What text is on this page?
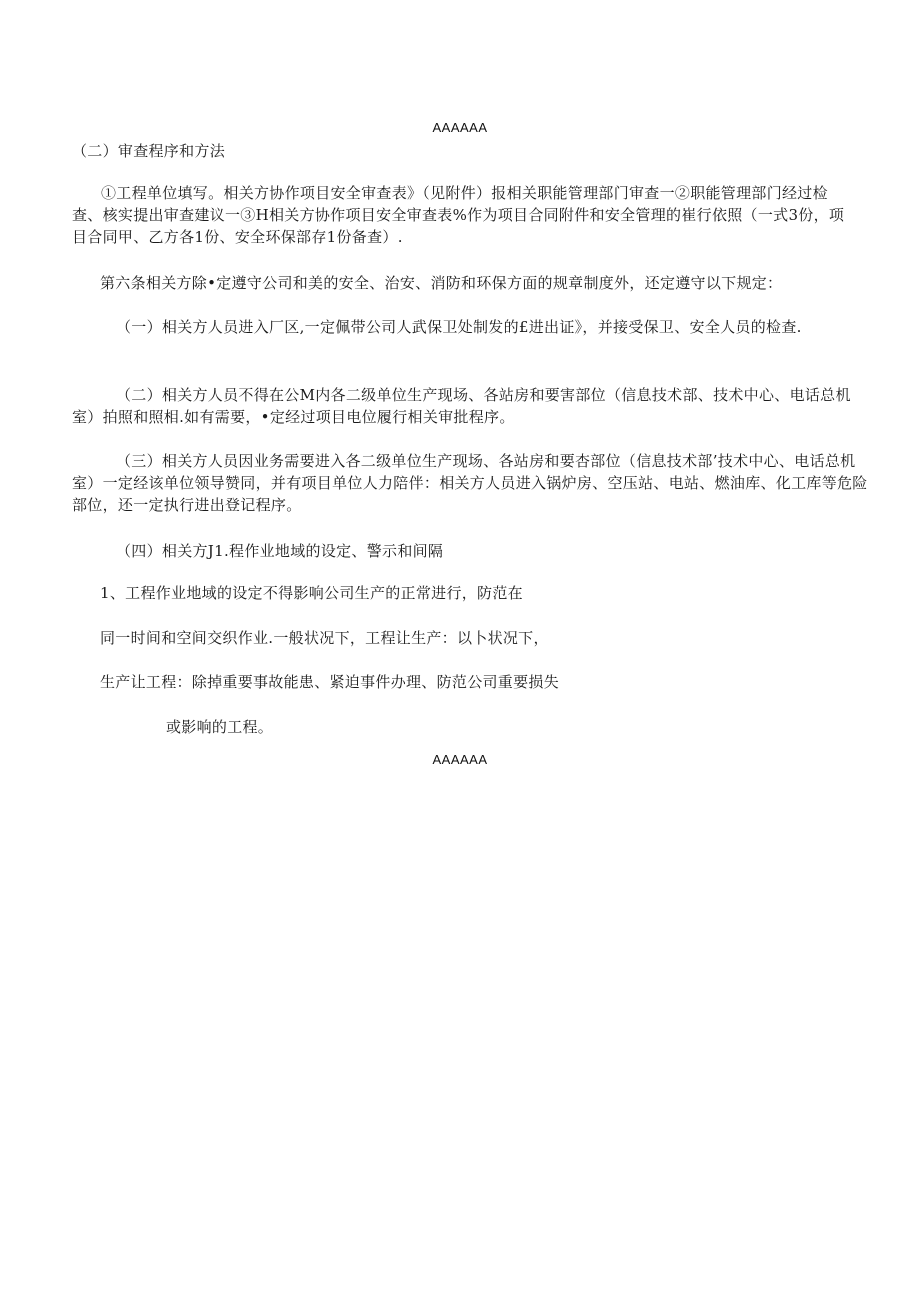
AAAAAA
（二）审查程序和方法
①工程单位填写。相关方协作项目安全审查表》（见附件）报相关职能管理部门审查一②职能管理部门经过检查、核实提出审查建议一③H相关方协作项目安全审查表%作为项目合同附件和安全管理的崔行依照（一式3份，项目合同甲、乙方各1份、安全环保部存1份备查）.
第六条相关方除•定遵守公司和美的安全、治安、消防和环保方面的规章制度外，还定遵守以下规定：
（一）相关方人员进入厂区,一定佩带公司人武保卫处制发的£进出证》，并接受保卫、安全人员的检查.
（二）相关方人员不得在公M内各二级单位生产现场、各站房和要害部位（信息技术部、技术中心、电话总机室）拍照和照相.如有需要，•定经过项目电位履行相关审批程序。
（三）相关方人员因业务需要进入各二级单位生产现场、各站房和要杏部位（信息技术部’技术中心、电话总机室）一定经该单位领导赞同，并有项目单位人力陪伴：相关方人员进入锅炉房、空压站、电站、燃油库、化工库等危险部位，还一定执行进出登记程序。
（四）相关方J1.程作业地域的设定、警示和间隔
1、工程作业地域的设定不得影响公司生产的正常进行，防范在
同一时间和空间交织作业.一般状况下，工程让生产：以卜状况下，
生产让工程：除掉重要事故能患、紧迫事件办理、防范公司重要损失
或影响的工程。
AAAAAA
